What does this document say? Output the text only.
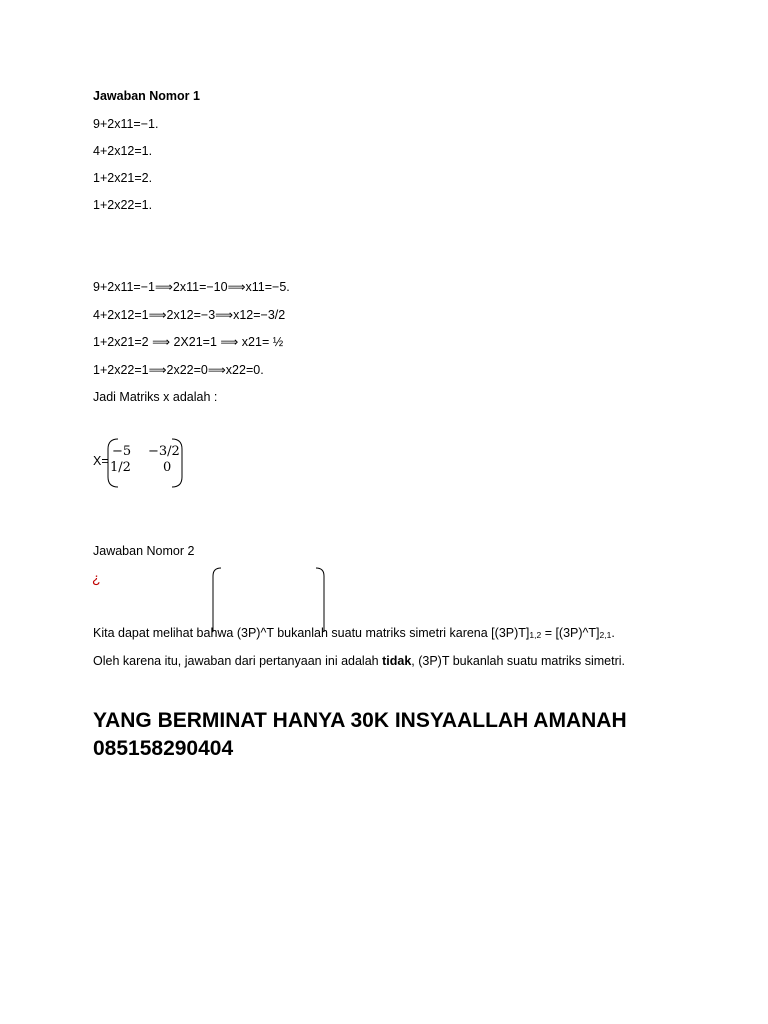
Jawaban Nomor 1
9+2x11=−1.
4+2x12=1.
1+2x21=2.
1+2x22=1.
9+2x11=−1⟹2x11=−10⟹x11=−5.
4+2x12=1⟹2x12=−3⟹x12=−3/2
1+2x21=2 ⟹ 2X21=1 ⟹ x21= ½
1+2x22=1⟹2x22=0⟹x22=0.
Jadi Matriks x adalah :
X=
−5 −3/2
1/2 0
Jawaban Nomor 2
¿
Kita dapat melihat bahwa (3P)^T bukanlah suatu matriks simetri karena [(3P)T]1,2 = [(3P)^T]2,1.
Oleh karena itu, jawaban dari pertanyaan ini adalah tidak, (3P)T bukanlah suatu matriks simetri.
YANG BERMINAT HANYA 30K INSYAALLAH AMANAH
085158290404
